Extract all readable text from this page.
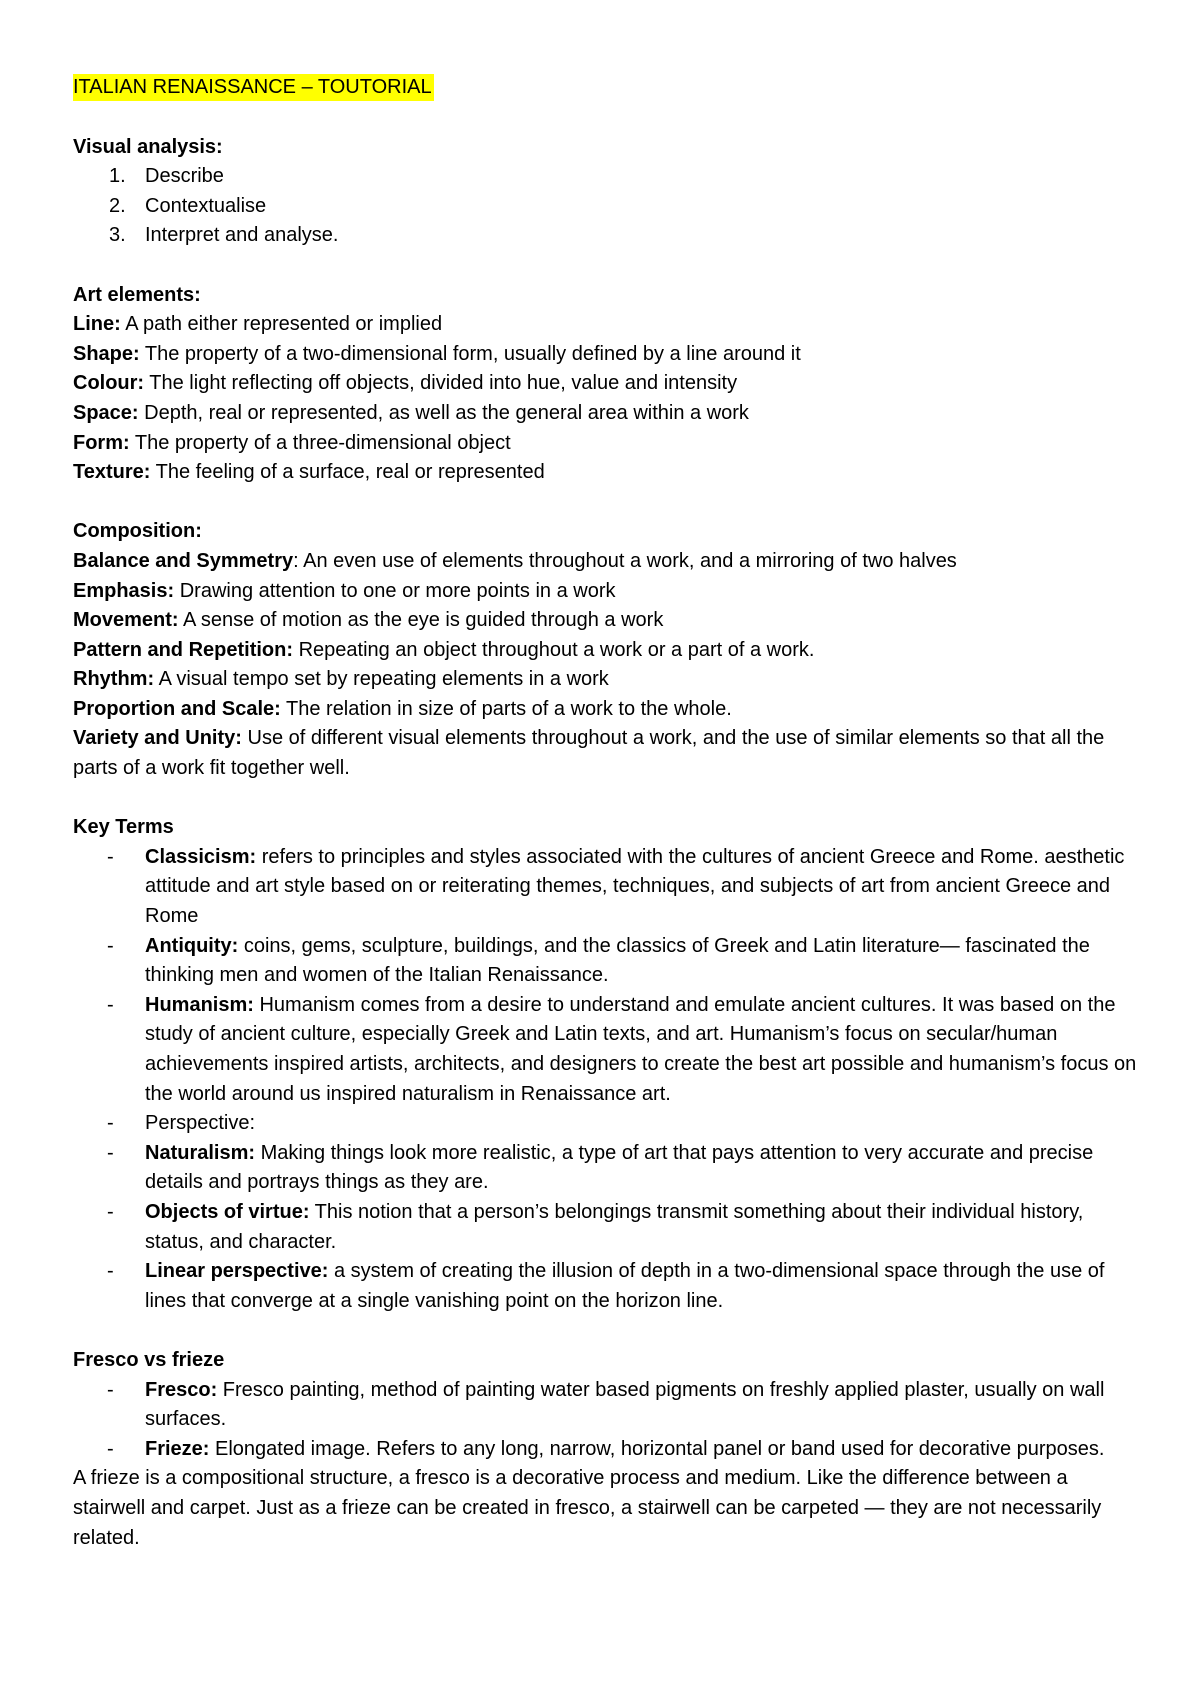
ITALIAN RENAISSANCE – TOUTORIAL
Visual analysis:
1. Describe
2. Contextualise
3. Interpret and analyse.
Art elements:

Line: A path either represented or implied

Shape: The property of a two-dimensional form, usually defined by a line around it

Colour: The light reflecting off objects, divided into hue, value and intensity

Space: Depth, real or represented, as well as the general area within a work

Form: The property of a three-dimensional object

Texture: The feeling of a surface, real or represented

Composition:

Balance and Symmetry: An even use of elements throughout a work, and a mirroring of two halves

Emphasis: Drawing attention to one or more points in a work

Movement: A sense of motion as the eye is guided through a work

Pattern and Repetition: Repeating an object throughout a work or a part of a work.

Rhythm: A visual tempo set by repeating elements in a work

Proportion and Scale: The relation in size of parts of a work to the whole.

Variety and Unity: Use of different visual elements throughout a work, and the use of similar elements so that all the parts of a work fit together well.

Key Terms
- Classicism: refers to principles and styles associated with the cultures of ancient Greece and Rome. aesthetic attitude and art style based on or reiterating themes, techniques, and subjects of art from ancient Greece and Rome
- Antiquity: coins, gems, sculpture, buildings, and the classics of Greek and Latin literature— fascinated the thinking men and women of the Italian Renaissance.
- Humanism: Humanism comes from a desire to understand and emulate ancient cultures. It was based on the study of ancient culture, especially Greek and Latin texts, and art. Humanism’s focus on secular/human achievements inspired artists, architects, and designers to create the best art possible and humanism’s focus on the world around us inspired naturalism in Renaissance art.
- Perspective:
- Naturalism: Making things look more realistic, a type of art that pays attention to very accurate and precise details and portrays things as they are.
- Objects of virtue: This notion that a person’s belongings transmit something about their individual history, status, and character.
- Linear perspective: a system of creating the illusion of depth in a two-dimensional space through the use of lines that converge at a single vanishing point on the horizon line.
Fresco vs frieze
- Fresco: Fresco painting, method of painting water based pigments on freshly applied plaster, usually on wall surfaces.
- Frieze: Elongated image. Refers to any long, narrow, horizontal panel or band used for decorative purposes.

A frieze is a compositional structure, a fresco is a decorative process and medium. Like the difference between a stairwell and carpet. Just as a frieze can be created in fresco, a stairwell can be carpeted — they are not necessarily related.
